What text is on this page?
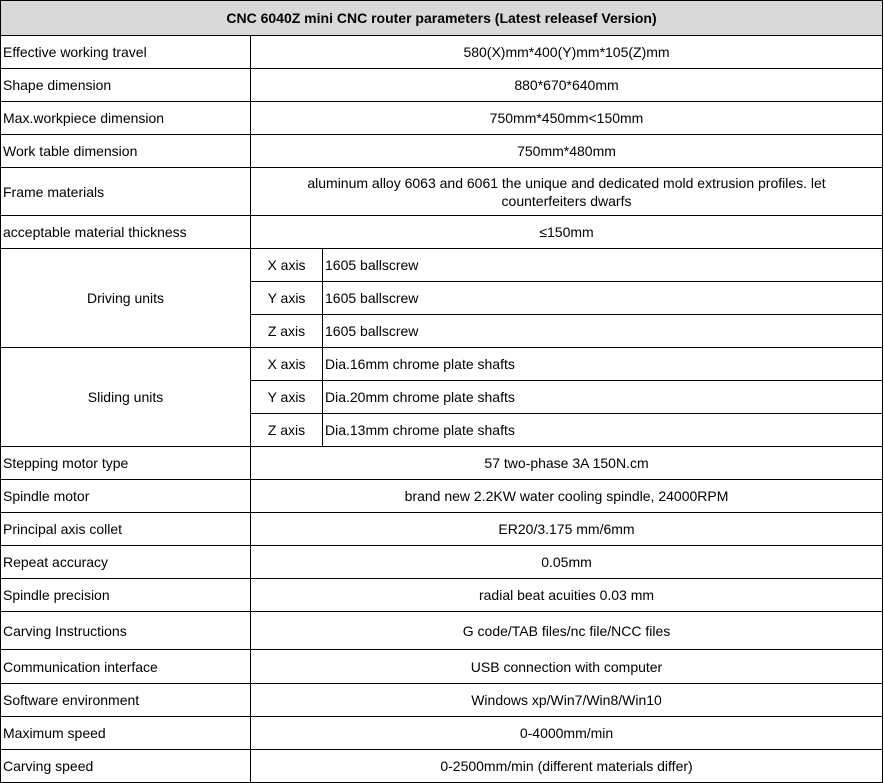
CNC 6040Z mini CNC router parameters (Latest releasef Version)		
Effective working travel	580(X)mm*400(Y)mm*105(Z)mm	
Shape dimension	880*670*640mm	
Max.workpiece dimension	750mm*450mm<150mm	
Work table dimension	750mm*480mm	
Frame materials	aluminum alloy 6063 and 6061 the unique and dedicated mold extrusion profiles. let counterfeiters dwarfs	
acceptable material thickness	≤150mm	
Driving units	X axis	1605 ballscrew
	Y axis	1605 ballscrew
	Z axis	1605 ballscrew
Sliding units	X axis	Dia.16mm chrome plate shafts
	Y axis	Dia.20mm chrome plate shafts
	Z axis	Dia.13mm chrome plate shafts
Stepping motor type	57 two-phase 3A 150N.cm	
Spindle motor	brand new 2.2KW water cooling spindle, 24000RPM	
Principal axis collet	ER20/3.175 mm/6mm	
Repeat accuracy	0.05mm	
Spindle precision	radial beat acuities 0.03 mm	
Carving Instructions	G code/TAB files/nc file/NCC files	
Communication interface	USB connection with computer	
Software environment	Windows xp/Win7/Win8/Win10	
Maximum speed	0-4000mm/min	
Carving speed	0-2500mm/min (different materials differ)	
